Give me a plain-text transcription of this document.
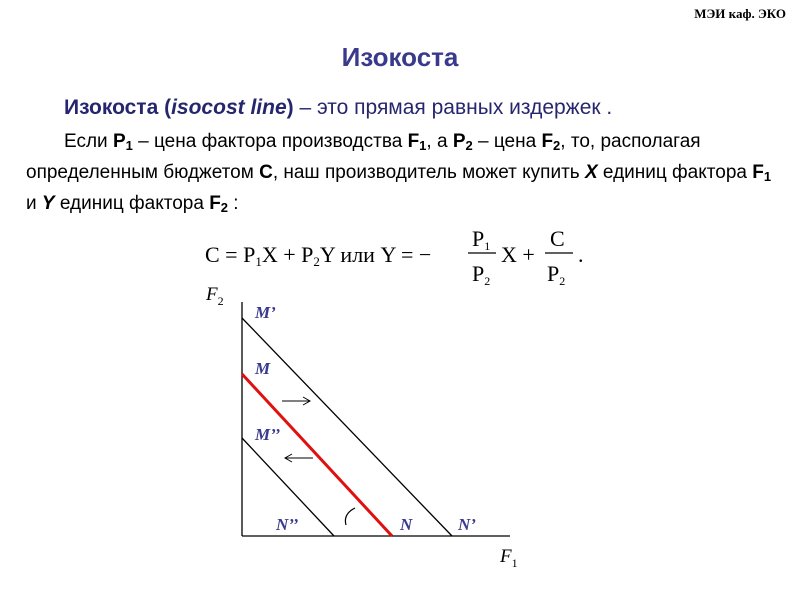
МЭИ каф. ЭКО
Изокоста
Изокоста (isocost line) – это прямая равных издержек .
Если $P_1$ – цена фактора производства $F_1$, а $P_2$ – цена $F_2$, то, располагая определенным бюджетом C, наш производитель может купить X единиц фактора $F_1$ и Y единиц фактора $F_2$ :
C = P1X + P2Y или Y = −
P1
P2
X +
C
P2
.
$F_2$
$F_1$
M’
M
M’’
N’’	N	N’
